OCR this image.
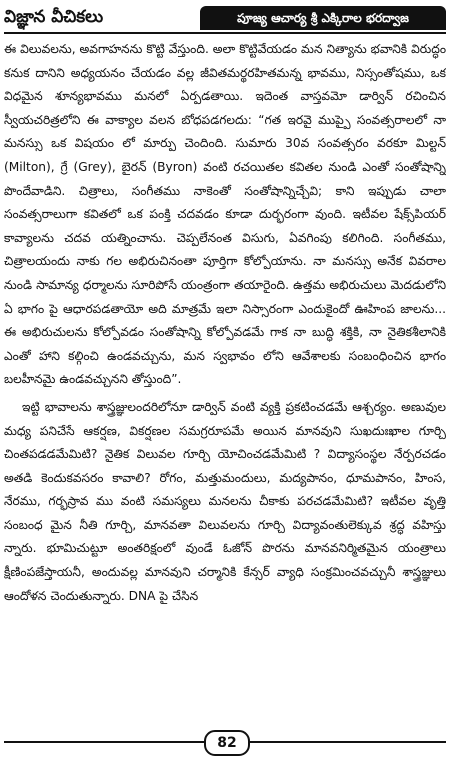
విజ్ఞాన వీచికలు	పూజ్య ఆచార్య శ్రీ ఎక్కిరాల భరద్వాజ

ఈ విలువలను, అవగాహనను కొట్టి వేస్తుంది. అలా కొట్టివేయడం మన నిత్యాను భవానికి విరుద్ధం కనుక దానిని అధ్యయనం చేయడం వల్ల జీవితమర్థరహితమన్న భావము, నిస్సంతోషము, ఒక విధమైన శూన్యభావము మనలో ఏర్పడతాయి. ఇదెంత వాస్తవమో డార్విన్ రచించిన స్వీయచరిత్రలోని ఈ వాక్యాల వలన బోధపడగలదు: “గత ఇరవై ముప్పై సంవత్సరాలలో నా మనస్సు ఒక విషయం లో మార్పు చెందింది. సుమారు 30వ సంవత్సరం వరకూ మిల్టన్ (Milton), గ్రే (Grey), బైరన్ (Byron) వంటి రచయితల కవితల నుండి ఎంతో సంతోషాన్ని పొందేవాడిని. చిత్రాలు, సంగీతము నాకెంతో సంతోషాన్నిచ్చేవి; కాని ఇప్పుడు చాలా సంవత్సరాలుగా కవితలో ఒక పంక్తి చదవడం కూడా దుర్భరంగా వుంది. ఇటీవల షేక్స్‌పియర్ కావ్యాలను చదవ యత్నించాను. చెప్పలేనంత విసుగు, ఏవగింపు కలిగింది. సంగీతము, చిత్రాలయందు నాకు గల అభిరుచినంతా పూర్తిగా కోల్పోయాను. నా మనస్సు అనేక వివరాల నుండి సామాన్య ధర్మాలను సూరిపోసే యంత్రంగా తయారైంది. ఉత్తమ అభిరుచులు మెదడులోని ఏ భాగం పై ఆధారపడతాయో అది మాత్రమే ఇలా నిస్సారంగా ఎందుకైందో ఊహింప జాలను... ఈ అభిరుచులను కోల్పోవడం సంతోషాన్ని కోల్పోవడమే గాక నా బుద్ధి శక్తికి, నా నైతికశీలానికి ఎంతో హాని కల్గించి ఉండవచ్చును, మన స్వభావం లోని ఆవేశాలకు సంబంధించిన భాగం బలహీనమై ఉండవచ్చునని తోస్తుంది”.

ఇట్టి భావాలను శాస్త్రజ్ఞులందరిలోనూ డార్విన్ వంటి వ్యక్తి ప్రకటించడమే ఆశ్చర్యం. అణువుల మధ్య పనిచేసే ఆకర్షణ, వికర్షణల సమగ్రరూపమే అయిన మానవుని సుఖదుఃఖాల గూర్చి చింతపడడమేమిటి? నైతిక విలువల గూర్చి యోచించడమేమిటి ? విద్యాసంస్థల నేర్పరచడం అతడి కెందుకవసరం కావాలి? రోగం, మత్తుమందులు, మద్యపానం, ధూమపానం, హింస, నేరము, గర్భస్రావ ము వంటి సమస్యలు మనలను చీకాకు పరచడమేమిటి? ఇటీవల వృత్తి సంబంధ మైన నీతి గూర్చి, మానవతా విలువలను గూర్చి విద్యావంతులెక్కువ శ్రద్ధ వహిస్తు న్నారు. భూమిచుట్టూ అంతరిక్షంలో వుండే ఓజోన్ పొరను మానవనిర్మితమైన యంత్రాలు క్షీణింపజేస్తాయనీ, అందువల్ల మానవుని చర్మానికి కేన్సర్ వ్యాధి సంక్రమించవచ్చునీ శాస్త్రజ్ఞులు ఆందోళన చెందుతున్నారు. DNA పై చేసిన

82
